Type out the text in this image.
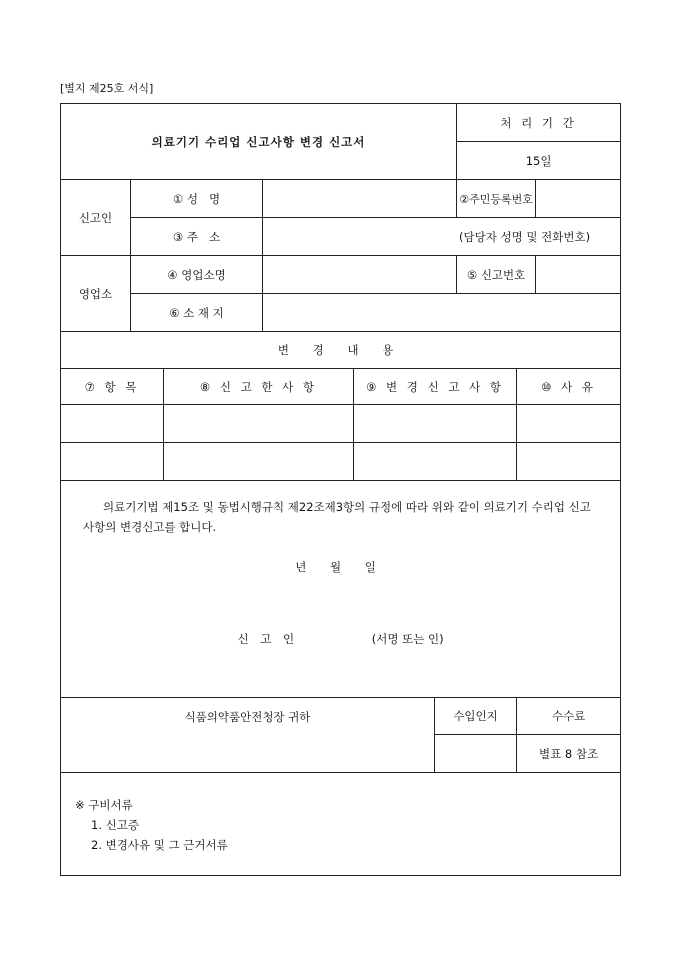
[별지 제25호 서식]
의료기기 수리업 신고사항 변경 신고서						처 리 기 간		
						15일		
신고인	① 성   명					②주민등록번호		
	③ 주   소		(담당자 성명 및 전화번호)					
영업소	④ 영업소명					⑤ 신고번호		
	⑥ 소 재 지							
변 경 내 용								
⑦ 항 목		⑧ 신 고 한 사 항		⑨ 변 경 신 고 사 항			⑩ 사 유	

의료기기법 제15조 및 동법시행규칙 제22조제3항의 규정에 따라 위와 같이 의료기기 수리업 신고사항의 변경신고를 합니다.

년 월 일
신 고 인 (서명 또는 인)								

식품의약품안전청장 귀하					수입인지		수수료	
							별표 8 참조	

※ 구비서류
1. 신고증
2. 변경사유 및 그 근거서류								
